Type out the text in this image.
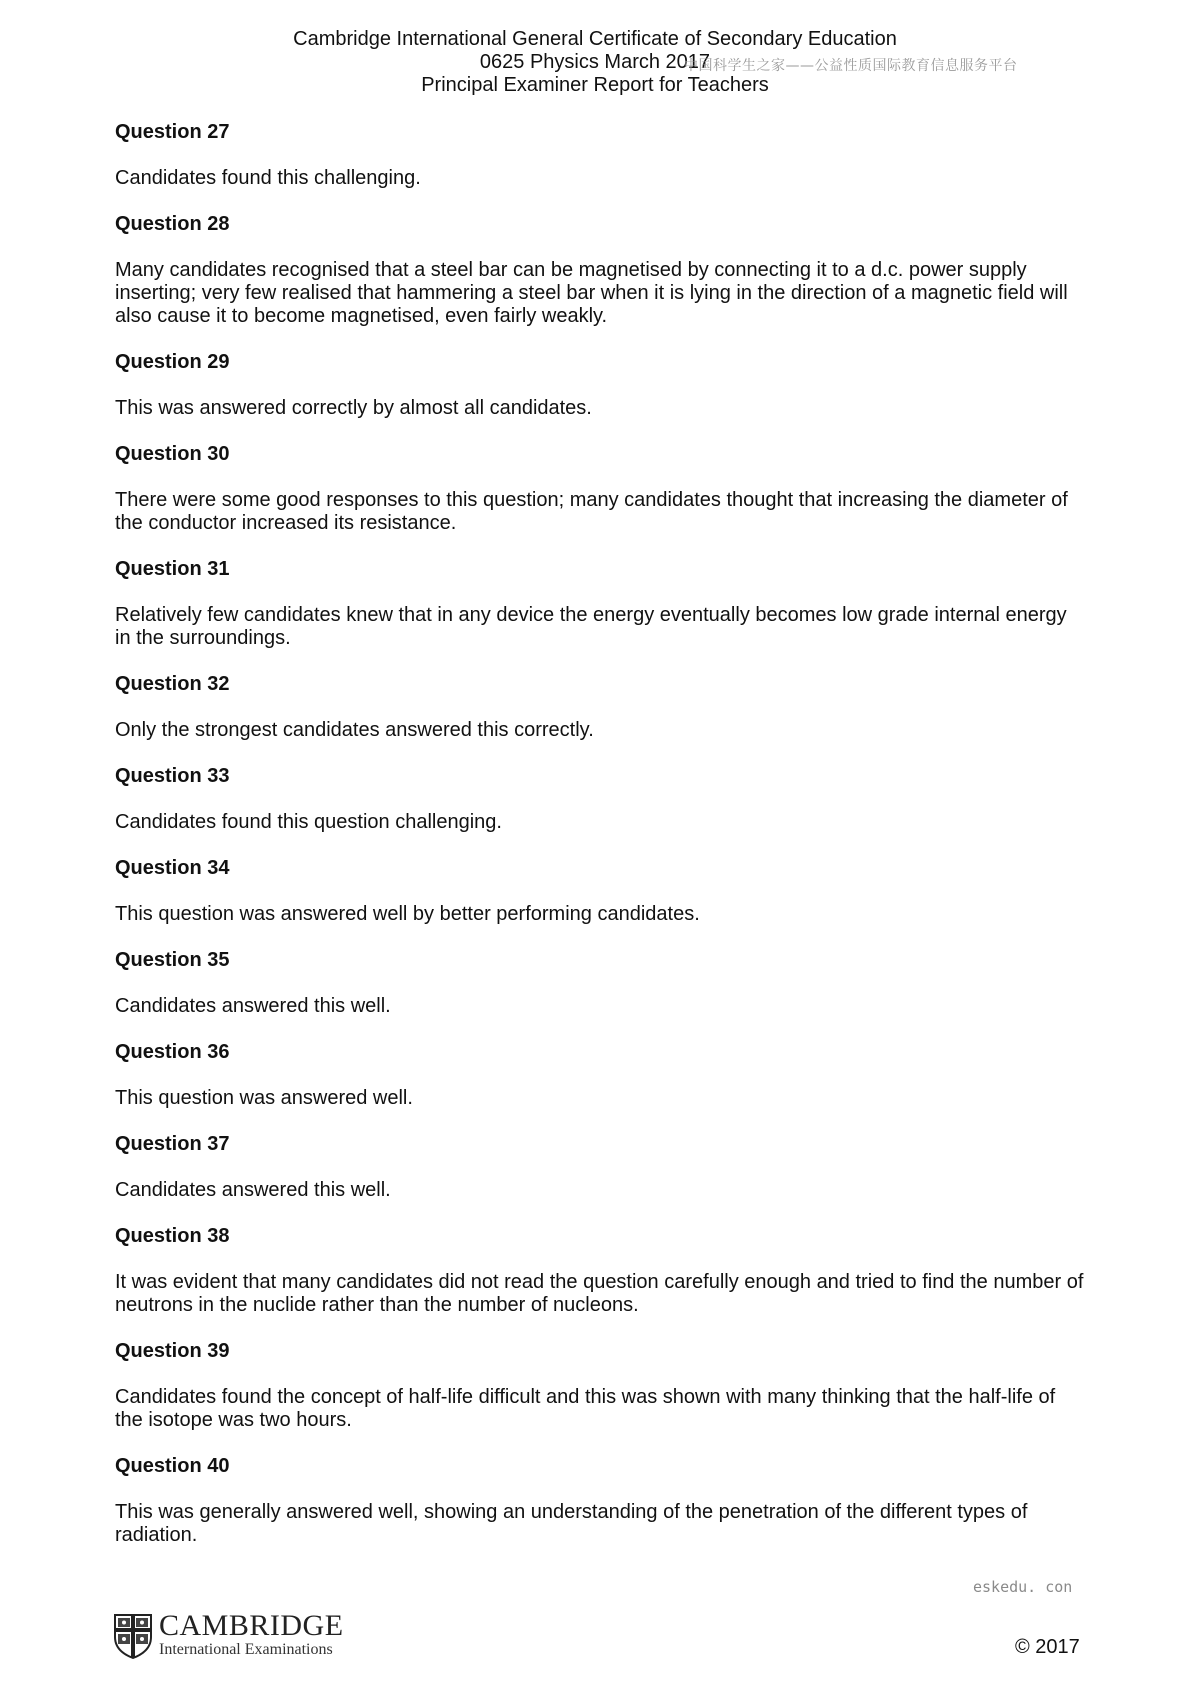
Cambridge International General Certificate of Secondary Education
0625 Physics March 2017
Principal Examiner Report for Teachers
中国科学生之家——公益性质国际教育信息服务平台
Question 27
Candidates found this challenging.
Question 28
Many candidates recognised that a steel bar can be magnetised by connecting it to a d.c. power supply inserting; very few realised that hammering a steel bar when it is lying in the direction of a magnetic field will also cause it to become magnetised, even fairly weakly.
Question 29
This was answered correctly by almost all candidates.
Question 30
There were some good responses to this question; many candidates thought that increasing the diameter of the conductor increased its resistance.
Question 31
Relatively few candidates knew that in any device the energy eventually becomes low grade internal energy in the surroundings.
Question 32
Only the strongest candidates answered this correctly.
Question 33
Candidates found this question challenging.
Question 34
This question was answered well by better performing candidates.
Question 35
Candidates answered this well.
Question 36
This question was answered well.
Question 37
Candidates answered this well.
Question 38
It was evident that many candidates did not read the question carefully enough and tried to find the number of neutrons in the nuclide rather than the number of nucleons.
Question 39
Candidates found the concept of half-life difficult and this was shown with many thinking that the half-life of the isotope was two hours.
Question 40
This was generally answered well, showing an understanding of the penetration of the different types of radiation.
eskedu. con
CAMBRIDGE
International Examinations	© 2017
